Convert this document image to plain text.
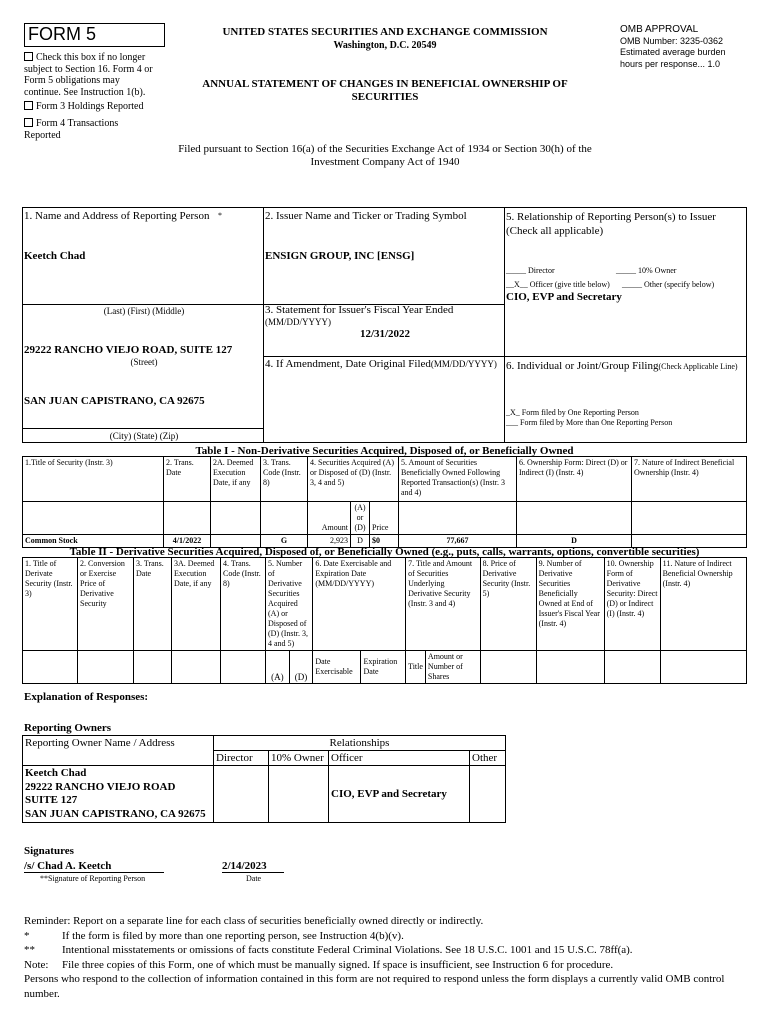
FORM 5
Check this box if no longer subject to Section 16. Form 4 or Form 5 obligations may continue. See Instruction 1(b).
Form 3 Holdings Reported
Form 4 Transactions Reported
UNITED STATES SECURITIES AND EXCHANGE COMMISSION
Washington, D.C. 20549
ANNUAL STATEMENT OF CHANGES IN BENEFICIAL OWNERSHIP OF SECURITIES
OMB APPROVAL
OMB Number: 3235-0362
Estimated average burden
hours per response... 1.0
Filed pursuant to Section 16(a) of the Securities Exchange Act of 1934 or Section 30(h) of the
Investment Company Act of 1940
1. Name and Address of Reporting Person *
Keetch Chad
(Last) (First) (Middle)
29222 RANCHO VIEJO ROAD, SUITE 127
(Street)
SAN JUAN CAPISTRANO, CA 92675
(City) (State) (Zip)
2. Issuer Name and Ticker or Trading Symbol
ENSIGN GROUP, INC [ENSG]
3. Statement for Issuer's Fiscal Year Ended
(MM/DD/YYYY)
12/31/2022
4. If Amendment, Date Original Filed(MM/DD/YYYY)
5. Relationship of Reporting Person(s) to Issuer
(Check all applicable)
_____ Director	_____ 10% Owner
__X__ Officer (give title below) _____ Other (specify below)
CIO, EVP and Secretary
6. Individual or Joint/Group Filing(Check Applicable Line)
_X_ Form filed by One Reporting Person
___ Form filed by More than One Reporting Person
Table I - Non-Derivative Securities Acquired, Disposed of, or Beneficially Owned
1.Title of Security (Instr. 3)	2. Trans. Date	2A. Deemed Execution Date, if any	3. Trans. Code (Instr. 8)	4. Securities Acquired (A) or Disposed of (D) (Instr. 3, 4 and 5)			5. Amount of Securities Beneficially Owned Following Reported Transaction(s) (Instr. 3 and 4)	6. Ownership Form: Direct (D) or Indirect (I) (Instr. 4)	7. Nature of Indirect Beneficial Ownership (Instr. 4)
				Amount	(A) or (D)	Price			
Common Stock	4/1/2022		G	2,923	D	$0	77,667	D	
Table II - Derivative Securities Acquired, Disposed of, or Beneficially Owned (e.g., puts, calls, warrants, options, convertible securities)
1. Title of Derivate Security (Instr. 3)	2. Conversion or Exercise Price of Derivative Security	3. Trans. Date	3A. Deemed Execution Date, if any	4. Trans. Code (Instr. 8)	5. Number of Derivative Securities Acquired (A) or Disposed of (D) (Instr. 3, 4 and 5)		6. Date Exercisable and Expiration Date (MM/DD/YYYY)		7. Title and Amount of Securities Underlying Derivative Security (Instr. 3 and 4)		8. Price of Derivative Security (Instr. 5)	9. Number of Derivative Securities Beneficially Owned at End of Issuer's Fiscal Year (Instr. 4)	10. Ownership Form of Derivative Security: Direct (D) or Indirect (I) (Instr. 4)	11. Nature of Indirect Beneficial Ownership (Instr. 4)
					(A)	(D)	Date Exercisable	Expiration Date	Title	Amount or Number of Shares				
Explanation of Responses:
Reporting Owners
Reporting Owner Name / Address	Relationships			
	Director	10% Owner	Officer	Other

Keetch Chad
29222 RANCHO VIEJO ROAD
SUITE 127
SAN JUAN CAPISTRANO, CA 92675			CIO, EVP and Secretary	
Signatures
/s/ Chad A. Keetch
**Signature of Reporting Person
2/14/2023
Date
Reminder: Report on a separate line for each class of securities beneficially owned directly or indirectly.
*	If the form is filed by more than one reporting person, see Instruction 4(b)(v).
** Intentional misstatements or omissions of facts constitute Federal Criminal Violations. See 18 U.S.C. 1001 and 15 U.S.C. 78ff(a).
Note: File three copies of this Form, one of which must be manually signed. If space is insufficient, see Instruction 6 for procedure.
Persons who respond to the collection of information contained in this form are not required to respond unless the form displays a currently valid OMB control number.
